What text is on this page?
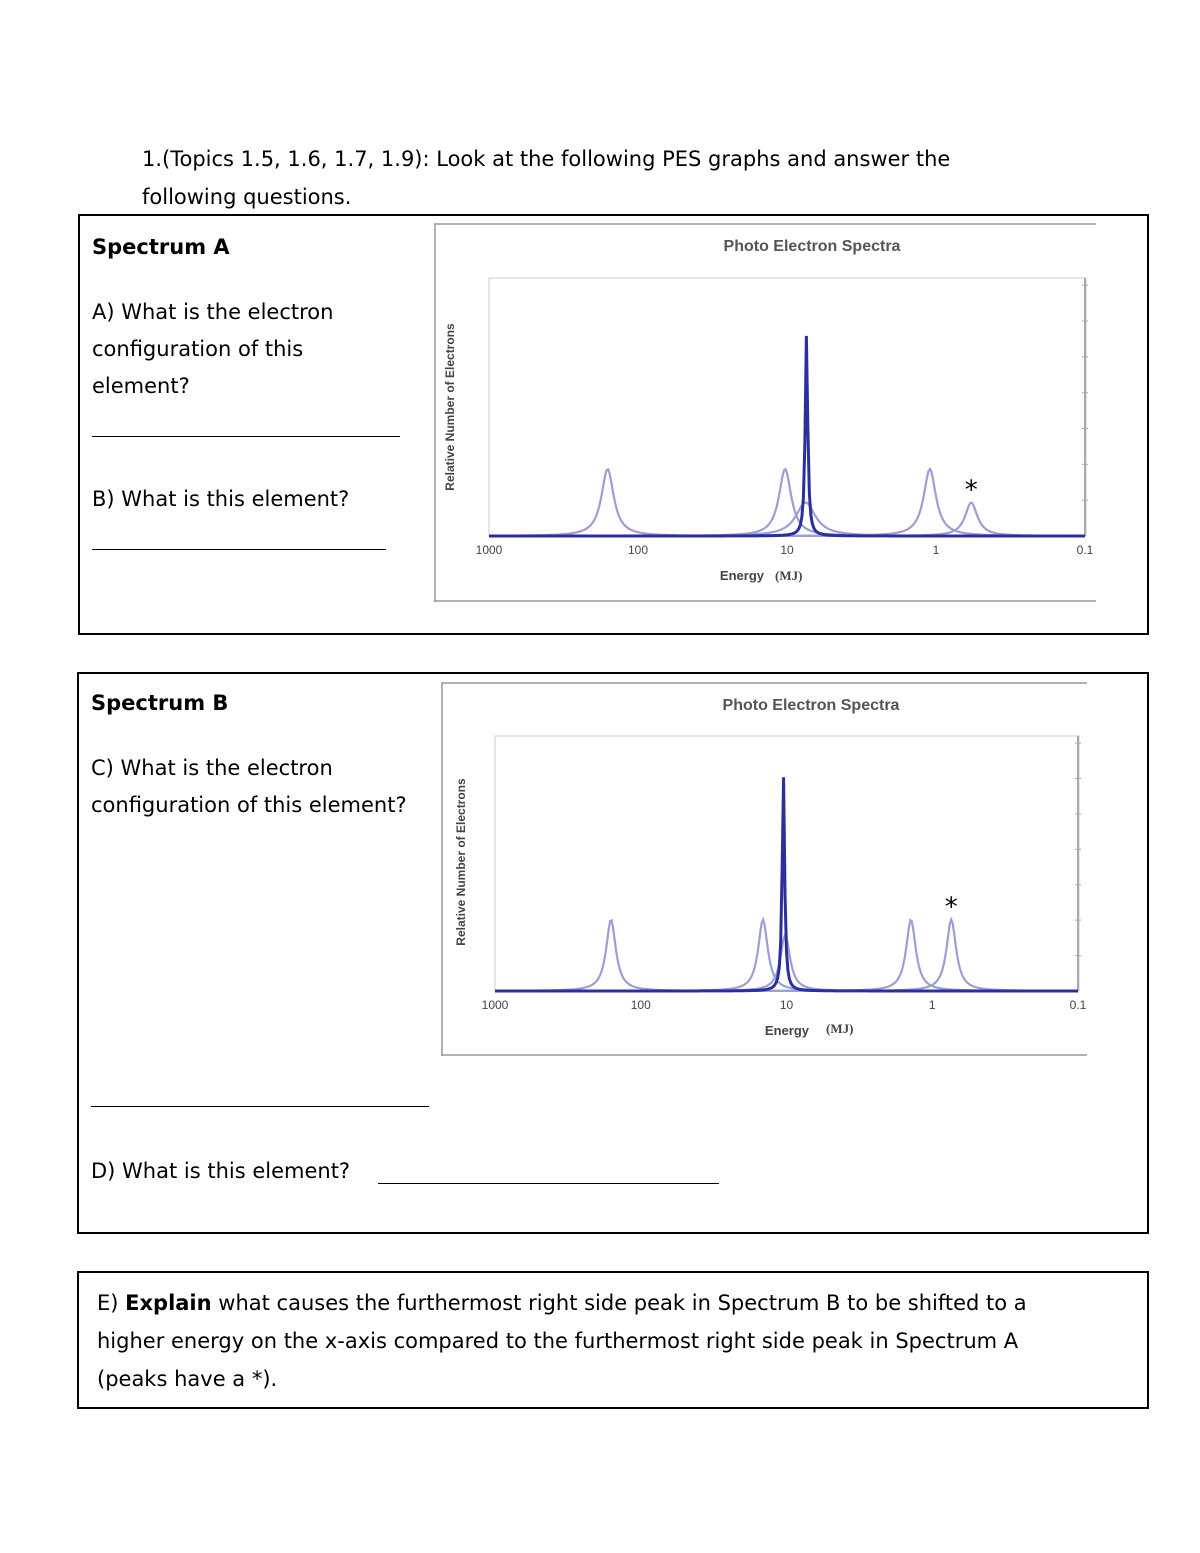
1.(Topics 1.5, 1.6, 1.7, 1.9): Look at the following PES graphs and answer the
following questions.
Spectrum A
A) What is the electron
configuration of this
element?
B) What is this element?
Photo Electron Spectra
1000	100	10	1	0.1
*
Relative Number of Electrons
Energy (MJ)
Spectrum B
C) What is the electron
configuration of this element?
D) What is this element?
Photo Electron Spectra
1000	100	10	1	0.1
*
Relative Number of Electrons
Energy (MJ)
E) Explain what causes the furthermost right side peak in Spectrum B to be shifted to a
higher energy on the x-axis compared to the furthermost right side peak in Spectrum A
(peaks have a *).
